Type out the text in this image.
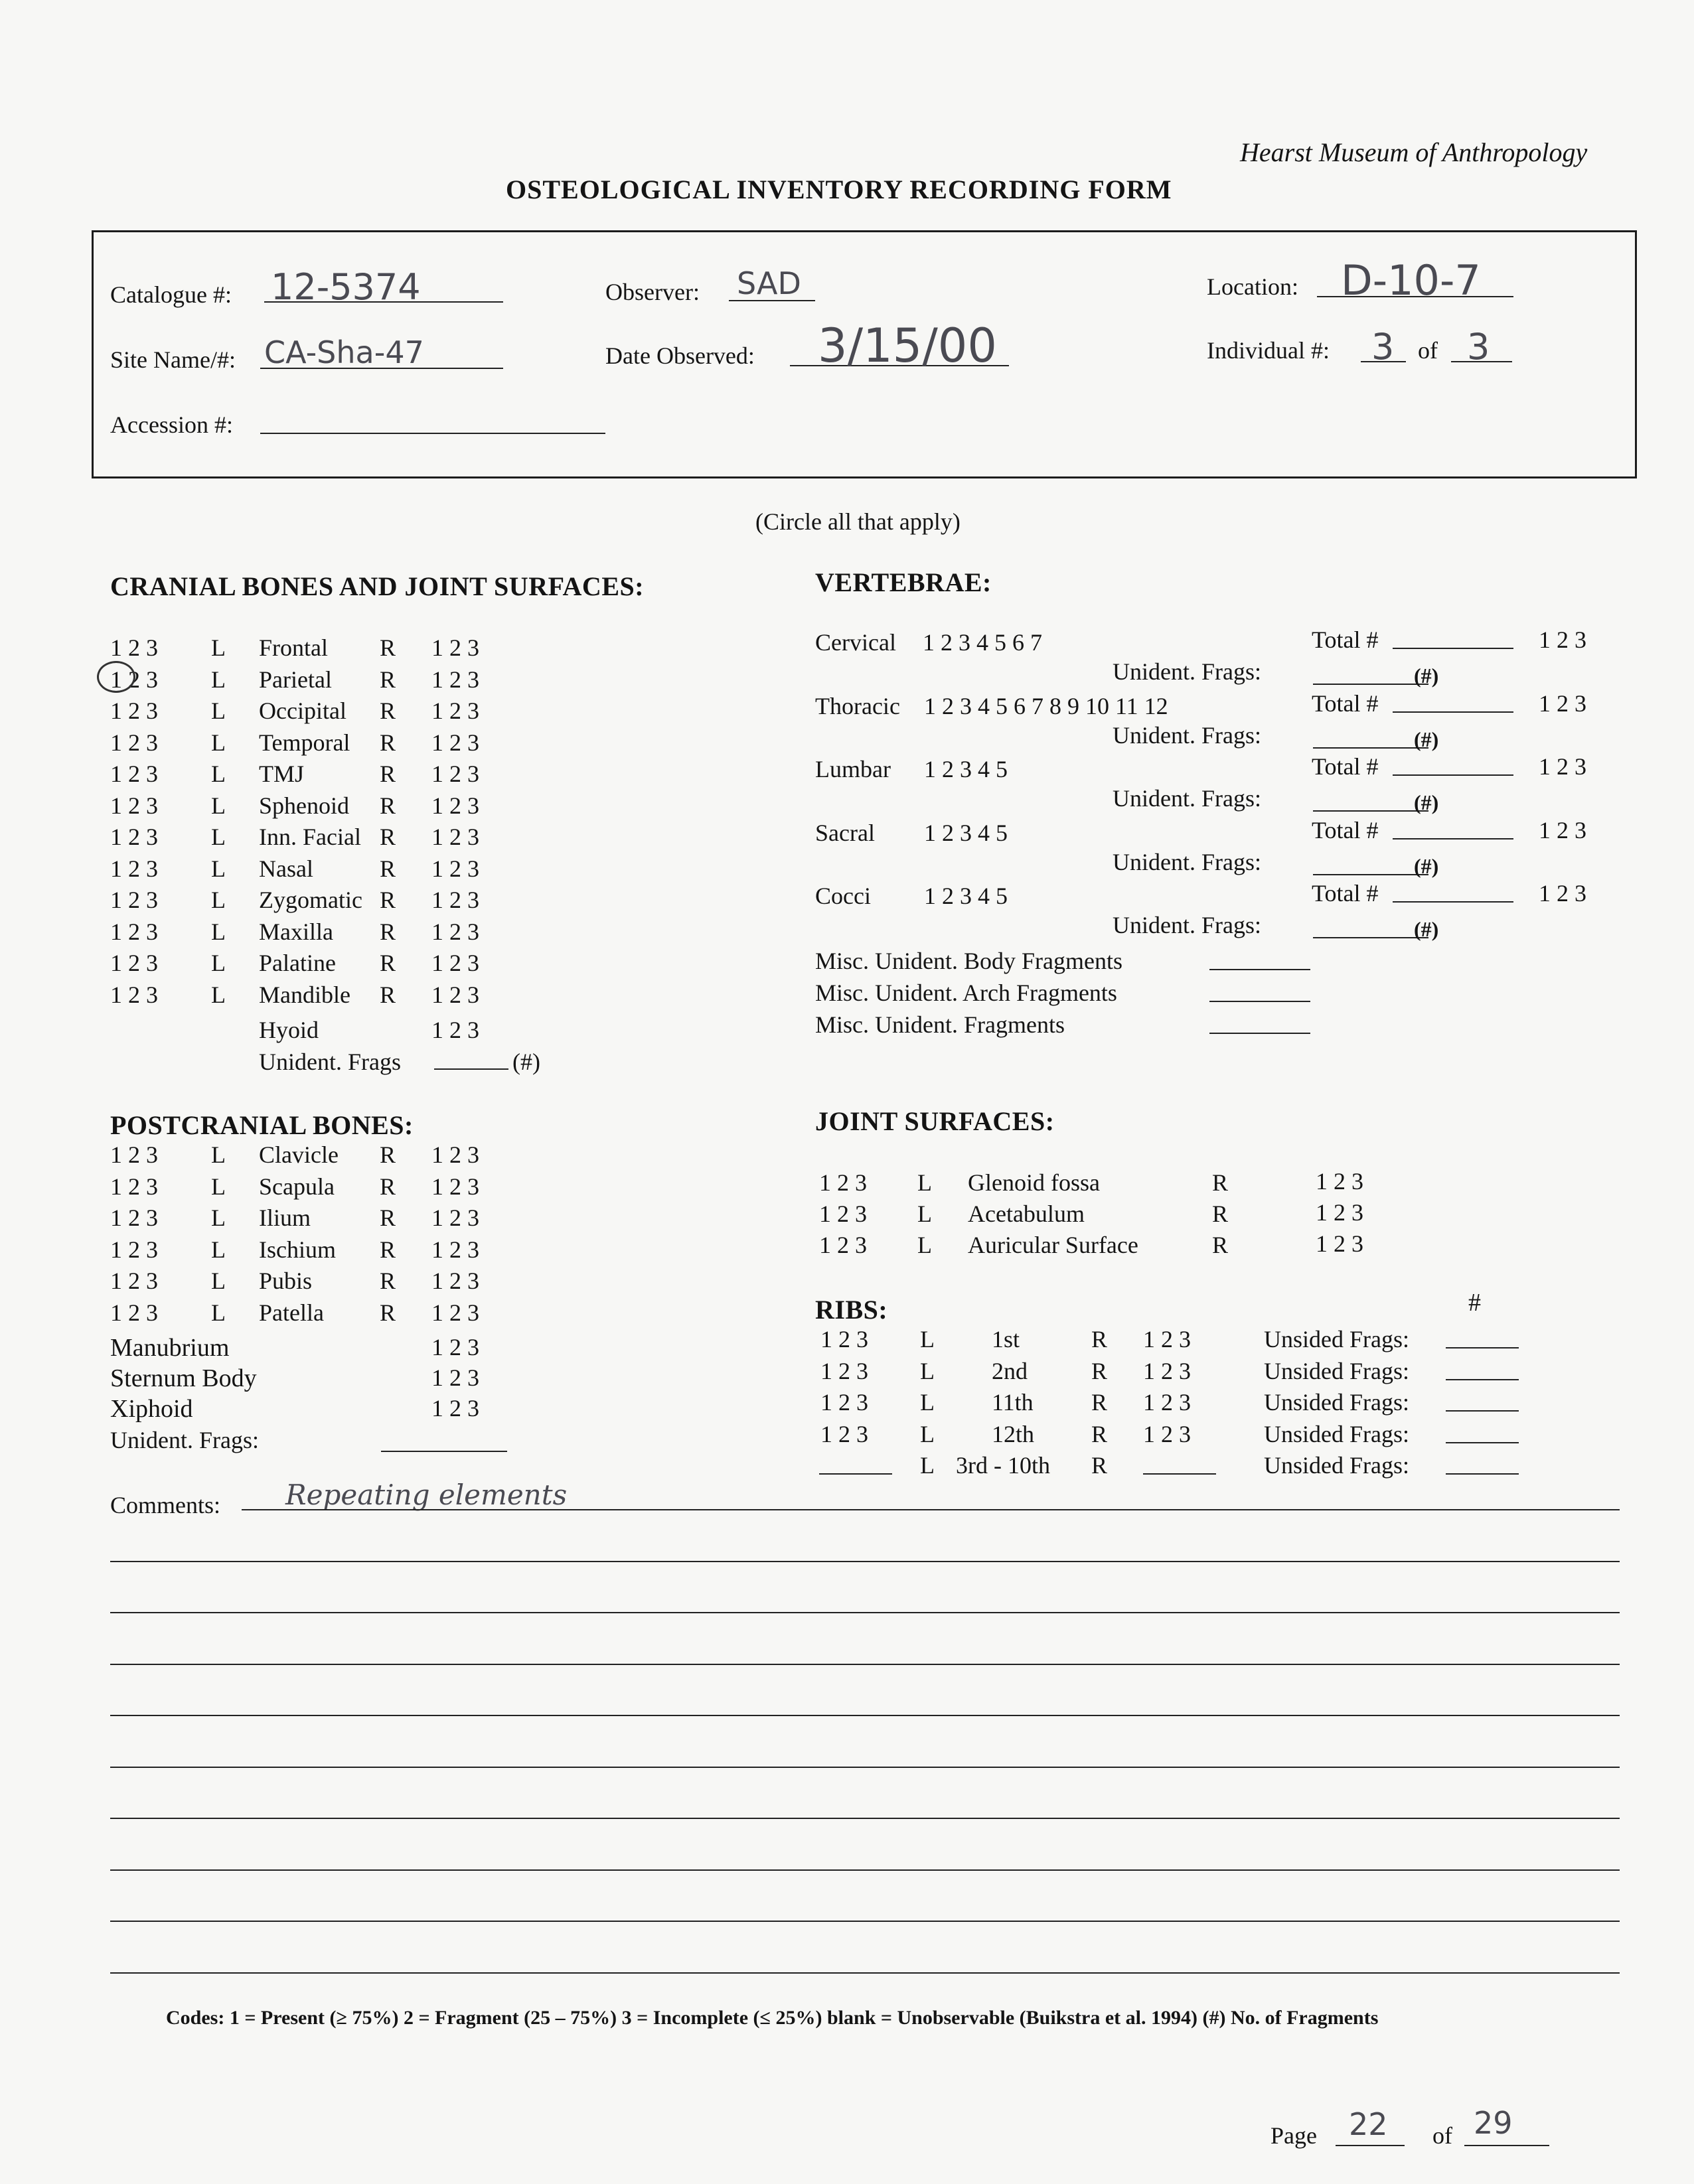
Hearst Museum of Anthropology
OSTEOLOGICAL INVENTORY RECORDING FORM
Catalogue #: 12-5374	Observer: SAD	Location: D-10-7
Site Name/#: CA-Sha-47	Date Observed: 3/15/00	Individual #: 3 of 3
Accession #:
(Circle all that apply)
CRANIAL BONES AND JOINT SURFACES:	VERTEBRAE:
1 2 3 L Frontal R 1 2 3
1 2 3 L Parietal R 1 2 3
1 2 3 L Occipital R 1 2 3
1 2 3 L Temporal R 1 2 3
1 2 3 L TMJ	R 1 2 3
1 2 3 L Sphenoid R 1 2 3
1 2 3 L Inn. Facial R 1 2 3
1 2 3 L Nasal	R 1 2 3
1 2 3 L Zygomatic R 1 2 3
1 2 3 L Maxilla R 1 2 3
1 2 3 L Palatine R 1 2 3
1 2 3 L Mandible R 1 2 3
1 2 3 L Clavicle R 1 2 3
1 2 3 L Scapula R 1 2 3
1 2 3 L Ilium	R 1 2 3
1 2 3 L Ischium R 1 2 3
1 2 3 L Pubis	R 1 2 3
1 2 3 L Patella R 1 2 3
Cervical 1 2 3 4 5 6 7	Total #	1 2 3
Unident. Frags:	(#)
Thoracic 1 2 3 4 5 6 7 8 9 10 11 12	Total #	1 2 3
Unident. Frags:	(#)
Lumbar 1 2 3 4 5	Total #	1 2 3
Unident. Frags:	(#)
Sacral 1 2 3 4 5	Total #	1 2 3
Unident. Frags:	(#)
Cocci 1 2 3 4 5	Total #	1 2 3
Unident. Frags:	(#)
1 2 3 L Glenoid fossa	R	1 2 3
1 2 3 L Acetabulum	R	1 2 3
1 2 3 L Auricular Surface	R	1 2 3
1 2 3 L 1st	R 1 2 3	Unsided Frags:
1 2 3 L 2nd	R 1 2 3	Unsided Frags:
1 2 3 L 11th R 1 2 3	Unsided Frags:
1 2 3 L 12th R 1 2 3	Unsided Frags:
L 3rd - 10th R	Unsided Frags:
Hyoid	1 2 3
Unident. Frags	(#)
POSTCRANIAL BONES:	JOINT SURFACES:
Manubrium	1 2 3
Sternum Body	1 2 3
Xiphoid	1 2 3
Unident. Frags:
Misc. Unident. Body Fragments
Misc. Unident. Arch Fragments
Misc. Unident. Fragments
RIBS:	#
Comments: Repeating elements
Codes: 1 = Present (≥ 75%) 2 = Fragment (25 – 75%) 3 = Incomplete (≤ 25%) blank = Unobservable (Buikstra et al. 1994) (#) No. of Fragments
Page 22 of 29
